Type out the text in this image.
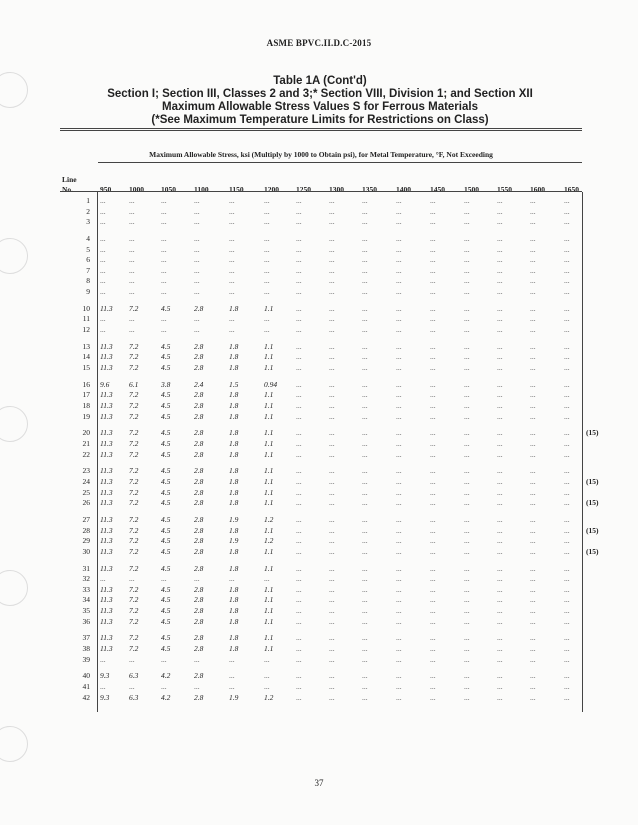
ASME BPVC.II.D.C-2015
Table 1A (Cont'd)
Section I; Section III, Classes 2 and 3;* Section VIII, Division 1; and Section XII
Maximum Allowable Stress Values S for Ferrous Materials
(*See Maximum Temperature Limits for Restrictions on Class)
Maximum Allowable Stress, ksi (Multiply by 1000 to Obtain psi), for Metal Temperature, °F, Not Exceeding
Line
No.	950 1000 1050 1100	1150	1200 1250 1300 1350	1400	1450	1500 1550 1600	1650
1 ...	...	...	...	...	...	...	...	...	...	...	...	...	...	...
2 ...	...	...	...	...	...	...	...	...	...	...	...	...	...	...
3 ...	...	...	...	...	...	...	...	...	...	...	...	...	...	...
4 ...	...	...	...	...	...	...	...	...	...	...	...	...	...	...
5 ...	...	...	...	...	...	...	...	...	...	...	...	...	...	...
6 ...	...	...	...	...	...	...	...	...	...	...	...	...	...	...
7 ...	...	...	...	...	...	...	...	...	...	...	...	...	...	...
8 ...	...	...	...	...	...	...	...	...	...	...	...	...	...	...
9 ...	...	...	...	...	...	...	...	...	...	...	...	...	...	...
10 11.3 7.2	4.5	2.8	1.8	1.1	...	...	...	...	...	...	...	...	...
11 ...	...	...	...	...	...	...	...	...	...	...	...	...	...	...
12 ...	...	...	...	...	...	...	...	...	...	...	...	...	...	...
13 11.3 7.2	4.5	2.8	1.8	1.1	...	...	...	...	...	...	...	...	...
14 11.3 7.2	4.5	2.8	1.8	1.1	...	...	...	...	...	...	...	...	...
15 11.3 7.2	4.5	2.8	1.8	1.1	...	...	...	...	...	...	...	...	...
16 9.6	6.1	3.8	2.4	1.5	0.94	...	...	...	...	...	...	...	...	...
17 11.3 7.2	4.5	2.8	1.8	1.1	...	...	...	...	...	...	...	...	...
18 11.3 7.2	4.5	2.8	1.8	1.1	...	...	...	...	...	...	...	...	...
19 11.3 7.2	4.5	2.8	1.8	1.1	...	...	...	...	...	...	...	...	...
20 11.3 7.2	4.5	2.8	1.8	1.1	...	...	...	...	...	...	...	...	... (15)
21 11.3 7.2	4.5	2.8	1.8	1.1	...	...	...	...	...	...	...	...	...
22 11.3 7.2	4.5	2.8	1.8	1.1	...	...	...	...	...	...	...	...	...
23 11.3 7.2	4.5	2.8	1.8	1.1	...	...	...	...	...	...	...	...	...
24 11.3 7.2	4.5	2.8	1.8	1.1	...	...	...	...	...	...	...	...	... (15)
25 11.3 7.2	4.5	2.8	1.8	1.1	...	...	...	...	...	...	...	...	...
26 11.3 7.2	4.5	2.8	1.8	1.1	...	...	...	...	...	...	...	...	... (15)
27 11.3 7.2	4.5	2.8	1.9	1.2	...	...	...	...	...	...	...	...	...
28 11.3 7.2	4.5	2.8	1.8	1.1	...	...	...	...	...	...	...	...	... (15)
29 11.3 7.2	4.5	2.8	1.9	1.2	...	...	...	...	...	...	...	...	...
30 11.3 7.2	4.5	2.8	1.8	1.1	...	...	...	...	...	...	...	...	... (15)
31 11.3 7.2	4.5	2.8	1.8	1.1	...	...	...	...	...	...	...	...	...
32 ...	...	...	...	...	...	...	...	...	...	...	...	...	...	...
33 11.3 7.2	4.5	2.8	1.8	1.1	...	...	...	...	...	...	...	...	...
34 11.3 7.2	4.5	2.8	1.8	1.1	...	...	...	...	...	...	...	...	...
35 11.3 7.2	4.5	2.8	1.8	1.1	...	...	...	...	...	...	...	...	...
36 11.3 7.2	4.5	2.8	1.8	1.1	...	...	...	...	...	...	...	...	...
37 11.3 7.2	4.5	2.8	1.8	1.1	...	...	...	...	...	...	...	...	...
38 11.3 7.2	4.5	2.8	1.8	1.1	...	...	...	...	...	...	...	...	...
39 ...	...	...	...	...	...	...	...	...	...	...	...	...	...	...
40 9.3	6.3	4.2	2.8	...	...	...	...	...	...	...	...	...	...	...
41 ...	...	...	...	...	...	...	...	...	...	...	...	...	...	...
42 9.3	6.3	4.2	2.8	1.9	1.2	...	...	...	...	...	...	...	...	...
37
